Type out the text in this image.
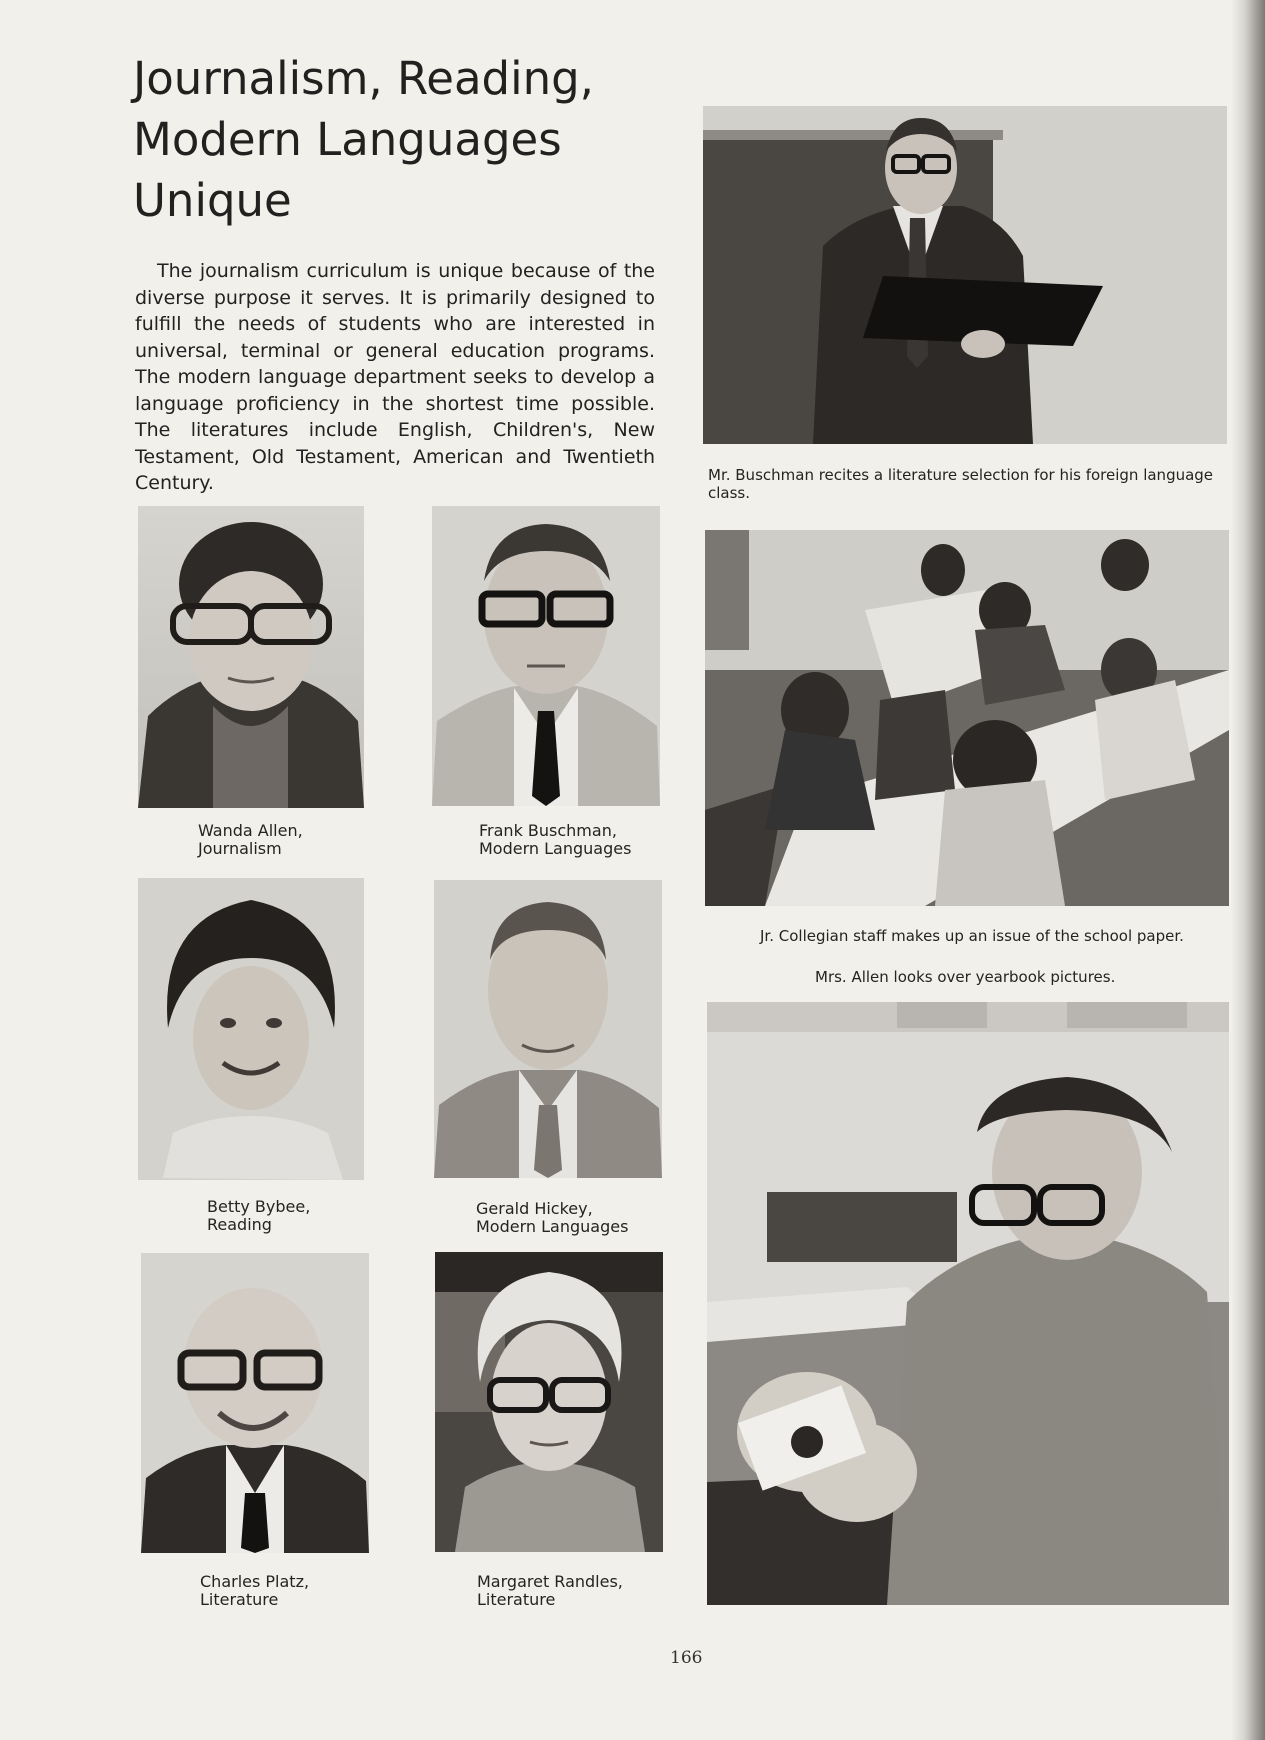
Journalism, Reading,
Modern Languages
Unique

The journalism curriculum is unique because of the diverse purpose it serves. It is primarily designed to fulfill the needs of students who are interested in universal, terminal or general education programs. The modern language department seeks to develop a language proficiency in the shortest time possible. The literatures include English, Children's, New Testament, Old Testament, American and Twentieth Century.

Wanda Allen,
Journalism

Frank Buschman,
Modern Languages

Betty Bybee,
Reading

Gerald Hickey,
Modern Languages

Charles Platz,
Literature

Margaret Randles,
Literature

Mr. Buschman recites a literature selection for his foreign language class.

Jr. Collegian staff makes up an issue of the school paper.

Mrs. Allen looks over yearbook pictures.

166
